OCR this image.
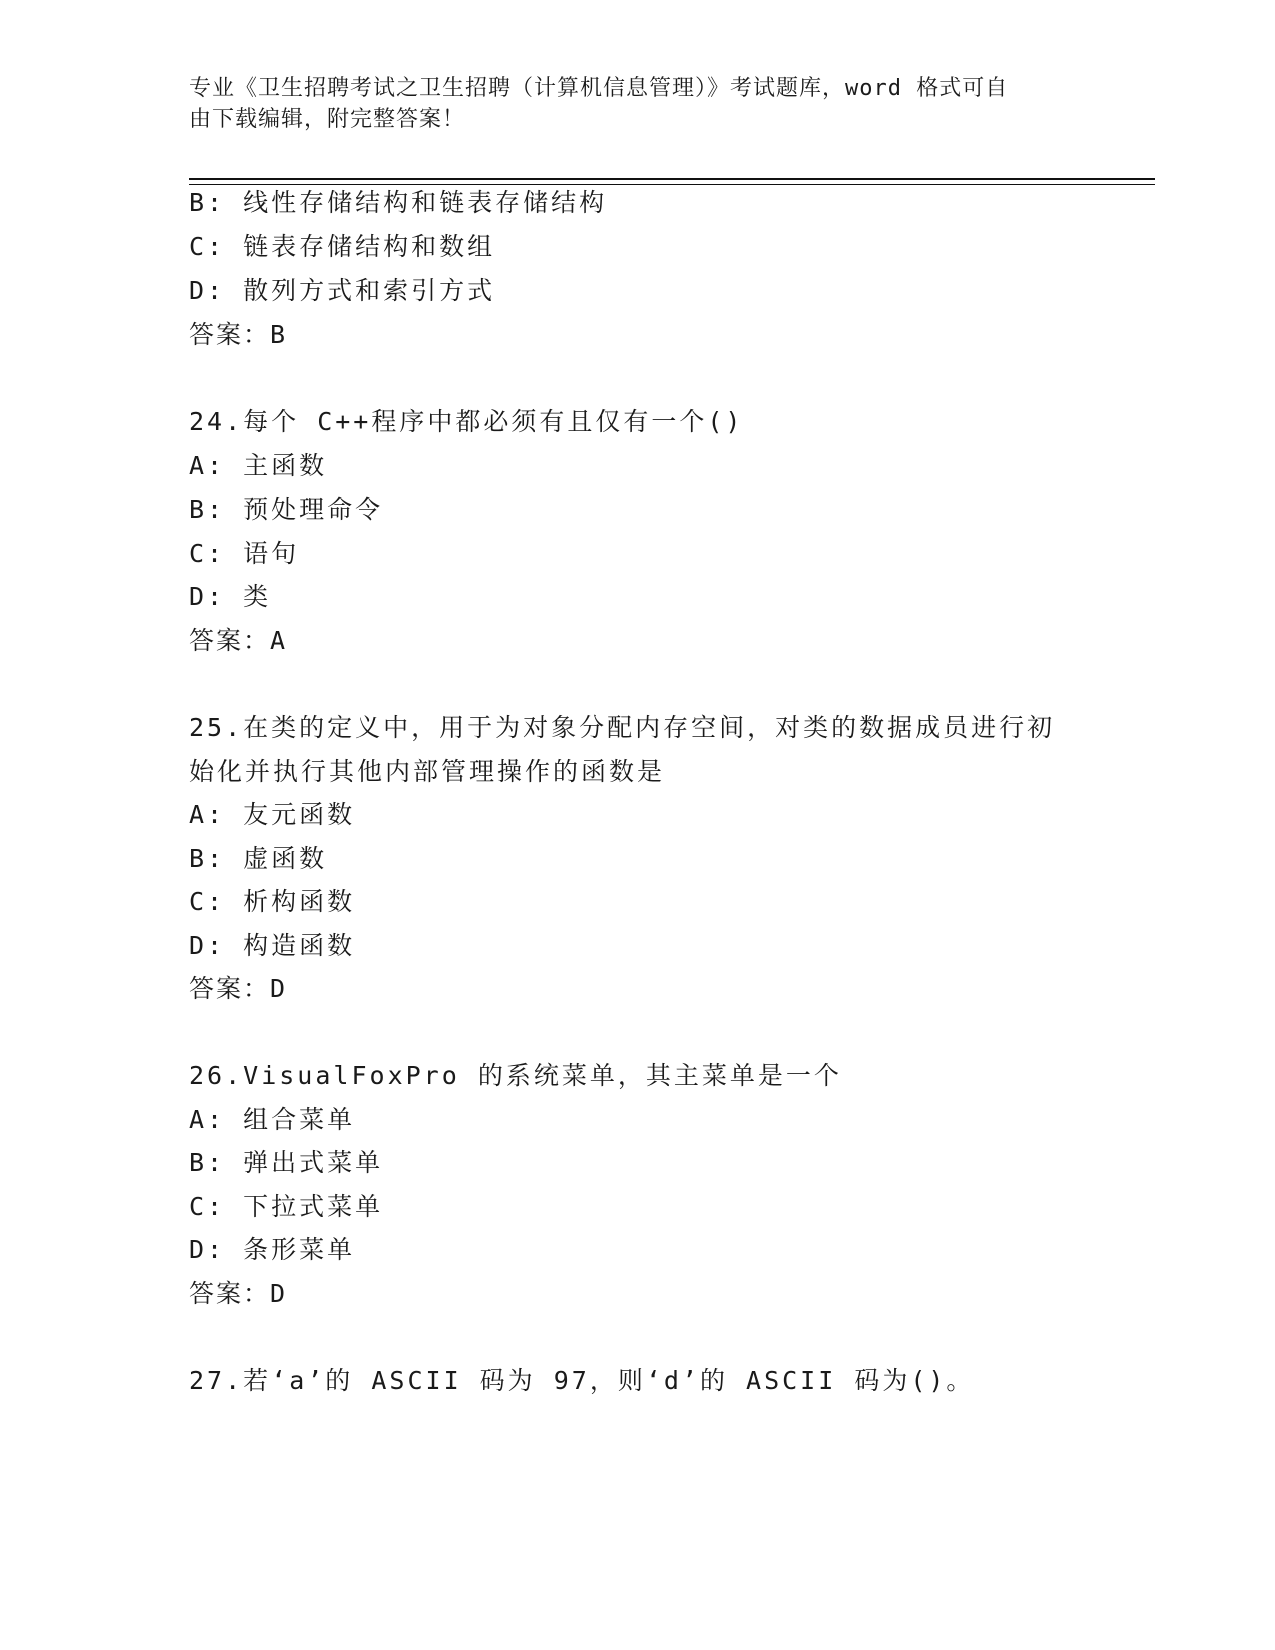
专业《卫生招聘考试之卫生招聘（计算机信息管理）》考试题库，word 格式可自
由下载编辑，附完整答案！
B: 线性存储结构和链表存储结构
C: 链表存储结构和数组
D: 散列方式和索引方式
答案：B
24.每个 C++程序中都必须有且仅有一个()
A: 主函数
B: 预处理命令
C: 语句
D: 类
答案：A
25.在类的定义中，用于为对象分配内存空间，对类的数据成员进行初
始化并执行其他内部管理操作的函数是
A: 友元函数
B: 虚函数
C: 析构函数
D: 构造函数
答案：D
26.VisualFoxPro 的系统菜单，其主菜单是一个
A: 组合菜单
B: 弹出式菜单
C: 下拉式菜单
D: 条形菜单
答案：D
27.若‘a’的 ASCII 码为 97，则‘d’的 ASCII 码为()。
